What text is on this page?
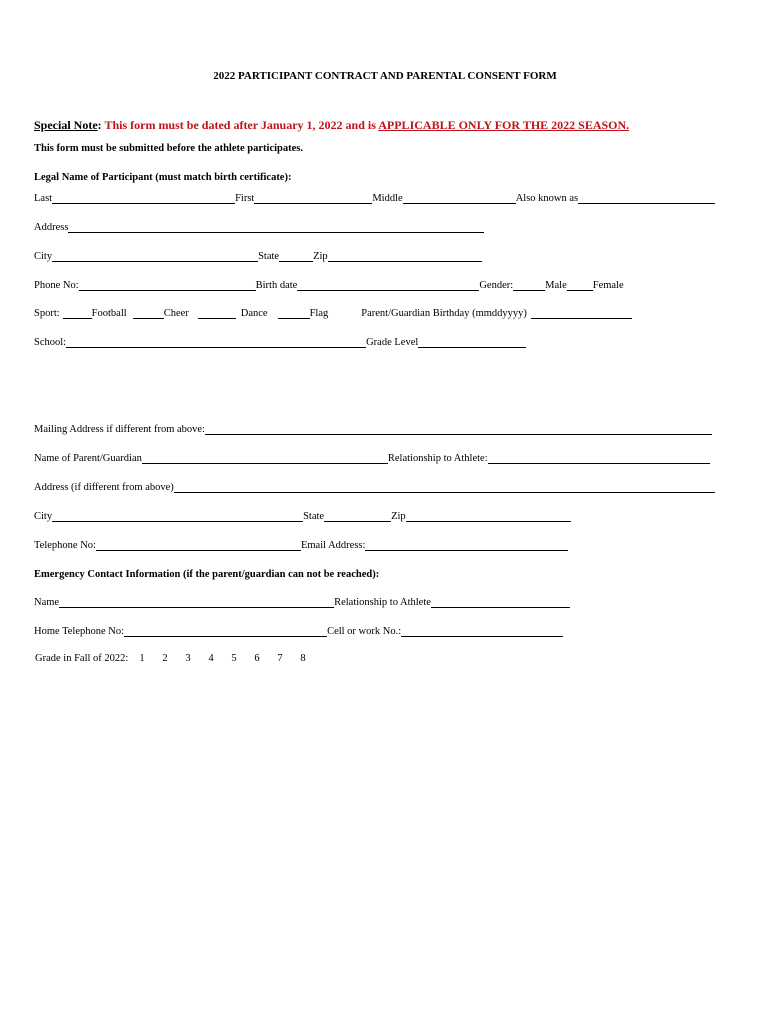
2022 PARTICIPANT CONTRACT AND PARENTAL CONSENT FORM
Special Note: This form must be dated after January 1, 2022 and is APPLICABLE ONLY FOR THE 2022 SEASON.
This form must be submitted before the athlete participates.
Legal Name of Participant (must match birth certificate):
Last	First	Middle	Also known as
Address
City	State	Zip
Phone No:	Birth date	Gender:	Male Female
Sport:	Football	Cheer	Dance	Flag	Parent/Guardian Birthday (mmddyyyy)
School:	Grade Level
Mailing Address if different from above:
Name of Parent/Guardian	Relationship to Athlete:
Address (if different from above)
City	State	Zip
Telephone No:	Email Address:
Emergency Contact Information (if the parent/guardian can not be reached):
Name	Relationship to Athlete
Home Telephone No:	Cell or work No.:
Grade in Fall of 2022: 1	2	3	4	5	6	7	8
